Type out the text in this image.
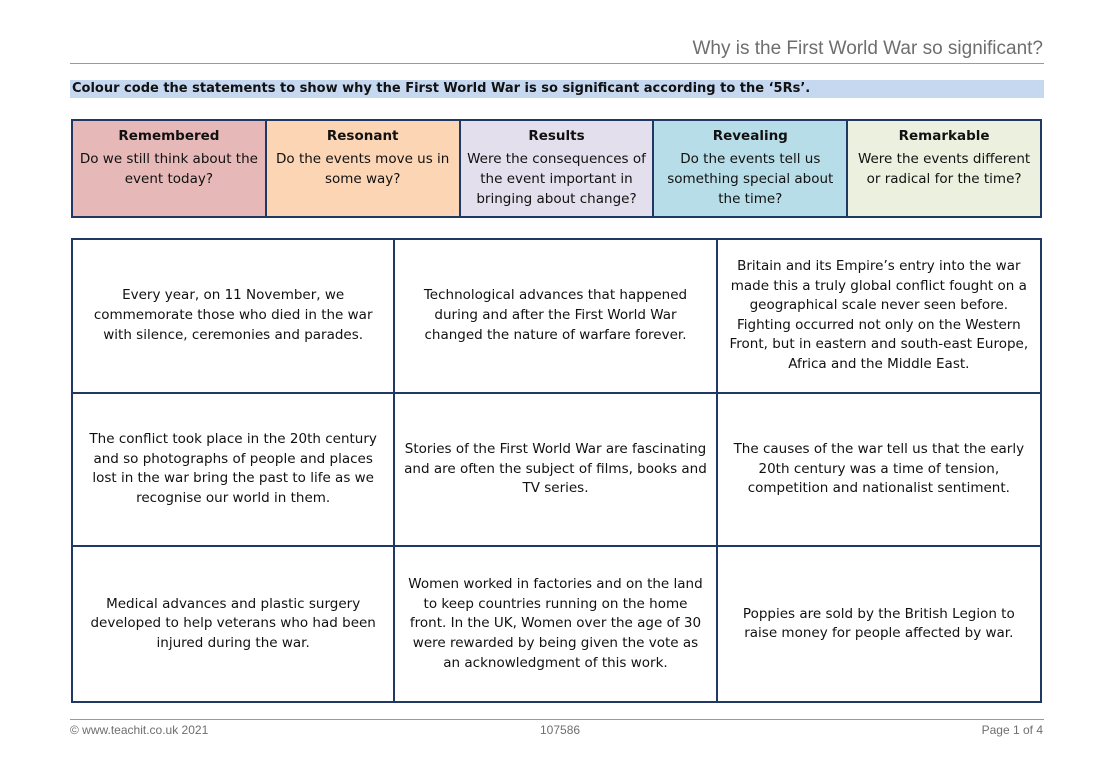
Why is the First World War so significant?
Colour code the statements to show why the First World War is so significant according to the ‘5Rs’.
Remembered
Do we still think about the event today?
Resonant
Do the events move us in some way?
Results
Were the consequences of the event important in bringing about change?
Revealing
Do the events tell us something special about the time?
Remarkable
Were the events different or radical for the time?
Every year, on 11 November, we commemorate those who died in the war with silence, ceremonies and parades.
Technological advances that happened during and after the First World War changed the nature of warfare forever.
Britain and its Empire’s entry into the war made this a truly global conflict fought on a geographical scale never seen before. Fighting occurred not only on the Western Front, but in eastern and south-east Europe, Africa and the Middle East.
The conflict took place in the 20th century and so photographs of people and places lost in the war bring the past to life as we recognise our world in them.
Stories of the First World War are fascinating and are often the subject of films, books and TV series.
The causes of the war tell us that the early 20th century was a time of tension, competition and nationalist sentiment.
Medical advances and plastic surgery developed to help veterans who had been injured during the war.
Women worked in factories and on the land to keep countries running on the home front. In the UK, Women over the age of 30 were rewarded by being given the vote as an acknowledgment of this work.
Poppies are sold by the British Legion to raise money for people affected by war.
© www.teachit.co.uk 2021	107586	Page 1 of 4
